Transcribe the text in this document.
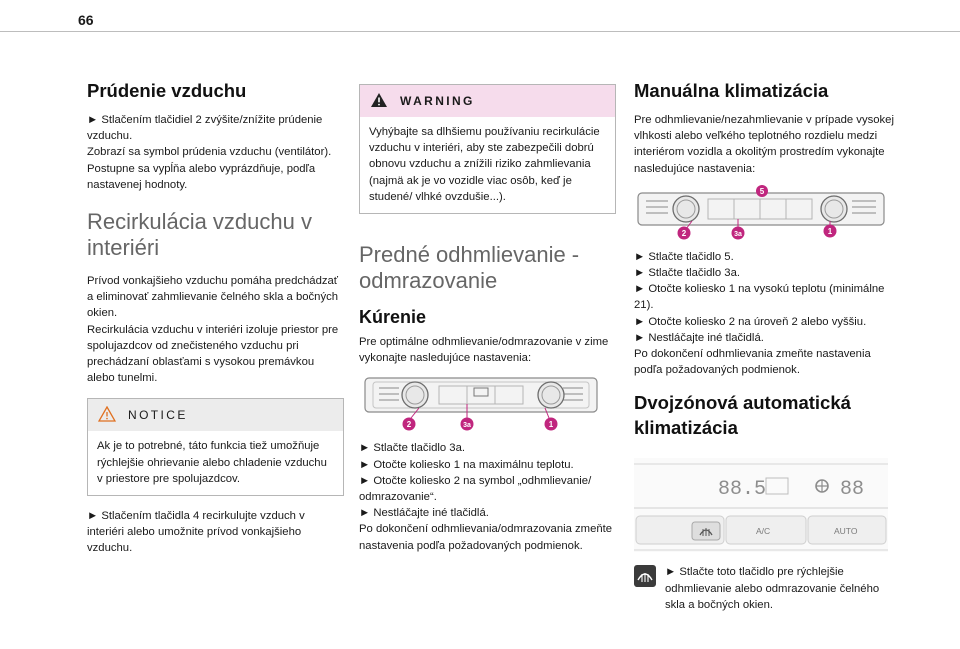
66
Prúdenie vzduchu

► Stlačením tlačidiel 2 zvýšite/znížite prúdenie vzduchu.

Zobrazí sa symbol prúdenia vzduchu (ventilátor). Postupne sa vypĺňa alebo vyprázdňuje, podľa nastavenej hodnoty.

Recirkulácia vzduchu v interiéri

Prívod vonkajšieho vzduchu pomáha predchádzať a eliminovať zahmlievanie čelného skla a bočných okien.

Recirkulácia vzduchu v interiéri izoluje priestor pre spolujazdcov od znečisteného vzduchu pri prechádzaní oblasťami s vysokou premávkou alebo tunelmi.

NOTICE
Ak je to potrebné, táto funkcia tiež umožňuje rýchlejšie ohrievanie alebo chladenie vzduchu v priestore pre spolujazdcov.

► Stlačením tlačidla 4 recirkulujte vzduch v interiéri alebo umožnite prívod vonkajšieho vzduchu.

WARNING
Vyhýbajte sa dlhšiemu používaniu recirkulácie vzduchu v interiéri, aby ste zabezpečili dobrú obnovu vzduchu a znížili riziko zahmlievania (najmä ak je vo vozidle viac osôb, keď je studené/ vlhké ovzdušie...).
Predné odhmlievanie - odmrazovanie
Kúrenie

Pre optimálne odhmlievanie/odmrazovanie v zime vykonajte nasledujúce nastavenia:

2	3a	1

► Stlačte tlačidlo 3a.

► Otočte koliesko 1 na maximálnu teplotu.

► Otočte koliesko 2 na symbol „odhmlievanie/ odmrazovanie“.

► Nestláčajte iné tlačidlá.

Po dokončení odhmlievania/odmrazovania zmeňte nastavenia podľa požadovaných podmienok.

Manuálna klimatizácia

Pre odhmlievanie/nezahmlievanie v prípade vysokej vlhkosti alebo veľkého teplotného rozdielu medzi interiérom vozidla a okolitým prostredím vykonajte nasledujúce nastavenia:

5
2	3a	1

► Stlačte tlačidlo 5.

► Stlačte tlačidlo 3a.

► Otočte koliesko 1 na vysokú teplotu (minimálne 21).

► Otočte koliesko 2 na úroveň 2 alebo vyššiu.

► Nestláčajte iné tlačidlá.

Po dokončení odhmlievania zmeňte nastavenia podľa požadovaných podmienok.

Dvojzónová automatická klimatizácia
88.5	88
A/C	AUTO

► Stlačte toto tlačidlo pre rýchlejšie odhmlievanie alebo odmrazovanie čelného skla a bočných okien.
